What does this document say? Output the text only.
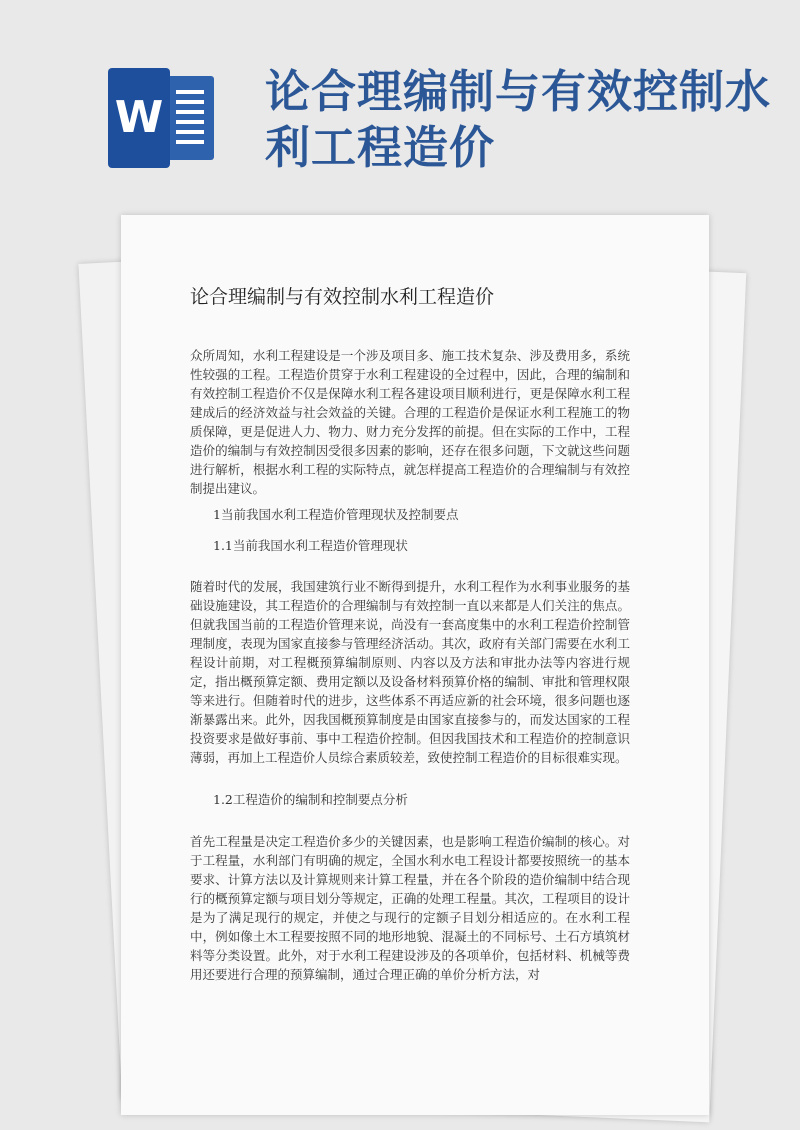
W 论合理编制与有效控制水利工程造价
论合理编制与有效控制水利工程造价
众所周知，水利工程建设是一个涉及项目多、施工技术复杂、涉及费用多，系统性较强的工程。工程造价贯穿于水利工程建设的全过程中，因此，合理的编制和有效控制工程造价不仅是保障水利工程各建设项目顺利进行，更是保障水利工程建成后的经济效益与社会效益的关键。合理的工程造价是保证水利工程施工的物质保障，更是促进人力、物力、财力充分发挥的前提。但在实际的工作中，工程造价的编制与有效控制因受很多因素的影响，还存在很多问题，下文就这些问题进行解析，根据水利工程的实际特点，就怎样提高工程造价的合理编制与有效控制提出建议。
1当前我国水利工程造价管理现状及控制要点
1.1当前我国水利工程造价管理现状
随着时代的发展，我国建筑行业不断得到提升，水利工程作为水利事业服务的基础设施建设，其工程造价的合理编制与有效控制一直以来都是人们关注的焦点。但就我国当前的工程造价管理来说，尚没有一套高度集中的水利工程造价控制管理制度，表现为国家直接参与管理经济活动。其次，政府有关部门需要在水利工程设计前期，对工程概预算编制原则、内容以及方法和审批办法等内容进行规定，指出概预算定额、费用定额以及设备材料预算价格的编制、审批和管理权限等来进行。但随着时代的进步，这些体系不再适应新的社会环境，很多问题也逐渐暴露出来。此外，因我国概预算制度是由国家直接参与的，而发达国家的工程投资要求是做好事前、事中工程造价控制。但因我国技术和工程造价的控制意识薄弱，再加上工程造价人员综合素质较差，致使控制工程造价的目标很难实现。
1.2工程造价的编制和控制要点分析
首先工程量是决定工程造价多少的关键因素，也是影响工程造价编制的核心。对于工程量，水利部门有明确的规定，全国水利水电工程设计都要按照统一的基本要求、计算方法以及计算规则来计算工程量，并在各个阶段的造价编制中结合现行的概预算定额与项目划分等规定，正确的处理工程量。其次，工程项目的设计是为了满足现行的规定，并使之与现行的定额子目划分相适应的。在水利工程中，例如像土木工程要按照不同的地形地貌、混凝土的不同标号、土石方填筑材料等分类设置。此外，对于水利工程建设涉及的各项单价，包括材料、机械等费用还要进行合理的预算编制，通过合理正确的单价分析方法，对
